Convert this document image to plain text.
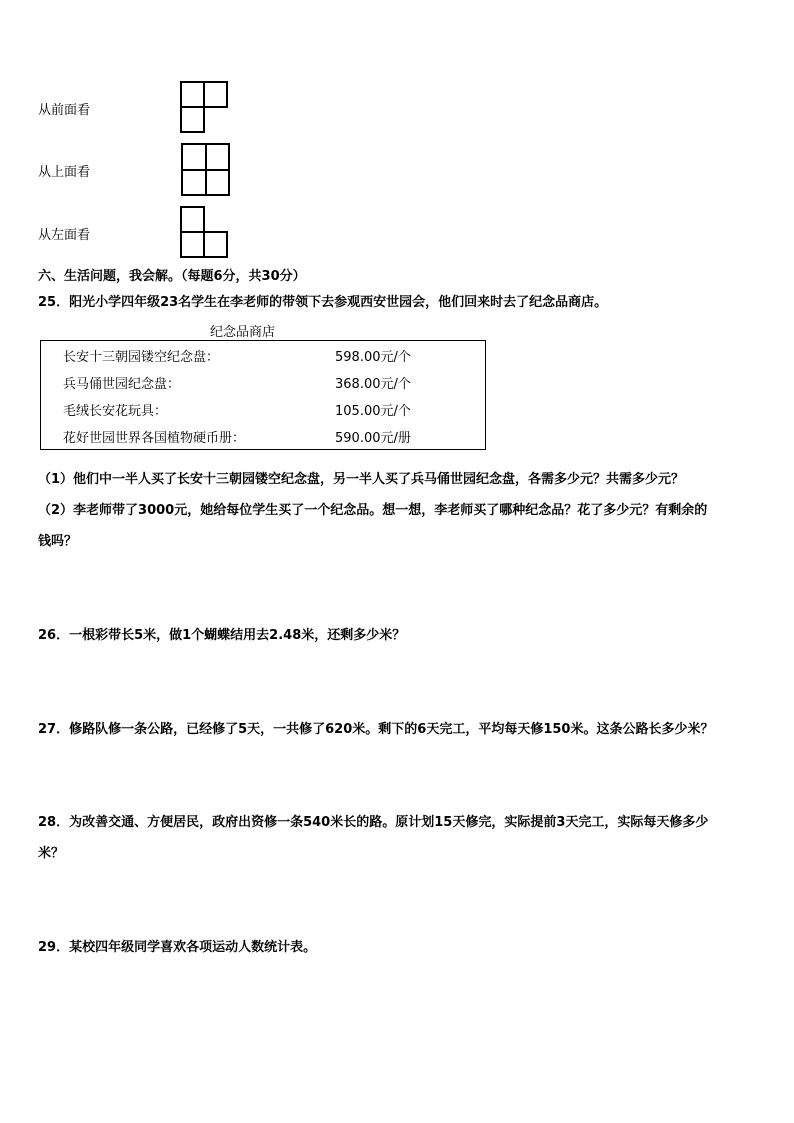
从前面看
从上面看
从左面看
六、生活问题，我会解。（每题6分，共30分）
25．阳光小学四年级23名学生在李老师的带领下去参观西安世园会，他们回来时去了纪念品商店。
纪念品商店
长安十三朝园镂空纪念盘：	598.00元/个
兵马俑世园纪念盘：	368.00元/个
毛绒长安花玩具：	105.00元/个
花好世园世界各国植物硬币册：	590.00元/册
（1）他们中一半人买了长安十三朝园镂空纪念盘，另一半人买了兵马俑世园纪念盘，各需多少元？共需多少元？
（2）李老师带了3000元，她给每位学生买了一个纪念品。想一想，李老师买了哪种纪念品？花了多少元？有剩余的
钱吗？
26．一根彩带长5米，做1个蝴蝶结用去2.48米，还剩多少米？
27．修路队修一条公路，已经修了5天，一共修了620米。剩下的6天完工，平均每天修150米。这条公路长多少米？
28．为改善交通、方便居民，政府出资修一条540米长的路。原计划15天修完，实际提前3天完工，实际每天修多少
米？
29．某校四年级同学喜欢各项运动人数统计表。
